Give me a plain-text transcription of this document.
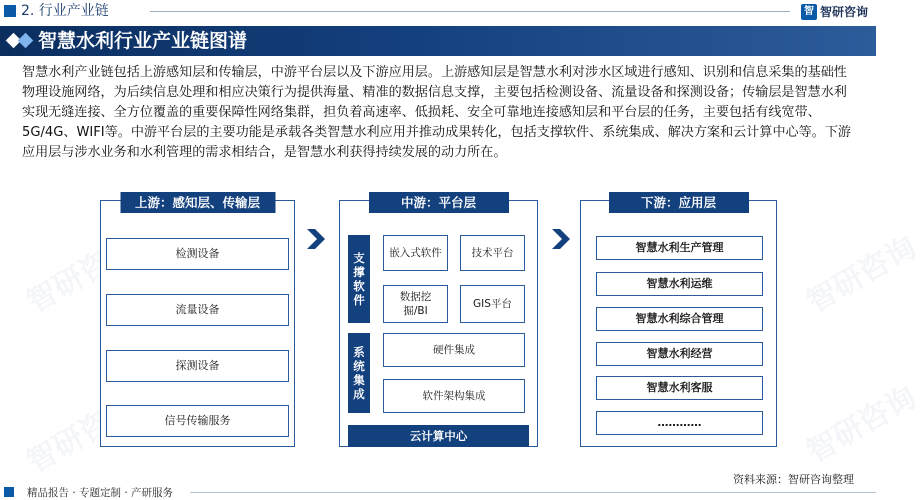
智研咨询
智研咨询
智研咨询
智研咨询
2. 行业产业链	智 智研咨询
智慧水利行业产业链图谱
智慧水利产业链包括上游感知层和传输层，中游平台层以及下游应用层。上游感知层是智慧水利对涉水区域进行感知、识别和信息采集的基础性物理设施网络，为后续信息处理和相应决策行为提供海量、精准的数据信息支撑，主要包括检测设备、流量设备和探测设备；传输层是智慧水利实现无缝连接、全方位覆盖的重要保障性网络集群，担负着高速率、低损耗、安全可靠地连接感知层和平台层的任务，主要包括有线宽带、5G/4G、WIFI等。中游平台层的主要功能是承载各类智慧水利应用并推动成果转化，包括支撑软件、系统集成、解决方案和云计算中心等。下游应用层与涉水业务和水利管理的需求相结合，是智慧水利获得持续发展的动力所在。
上游：感知层、传输层
检测设备
流量设备
探测设备
信号传输服务
中游：平台层
支
撑
软
件
嵌入式软件	技术平台
数据挖掘/BI
GIS平台
系
统
集
成
硬件集成
软件架构集成
云计算中心
下游：应用层
智慧水利生产管理
智慧水利运维
智慧水利综合管理
智慧水利经营
智慧水利客服
…………
资料来源：智研咨询整理
精品报告 · 专题定制 · 产研服务
